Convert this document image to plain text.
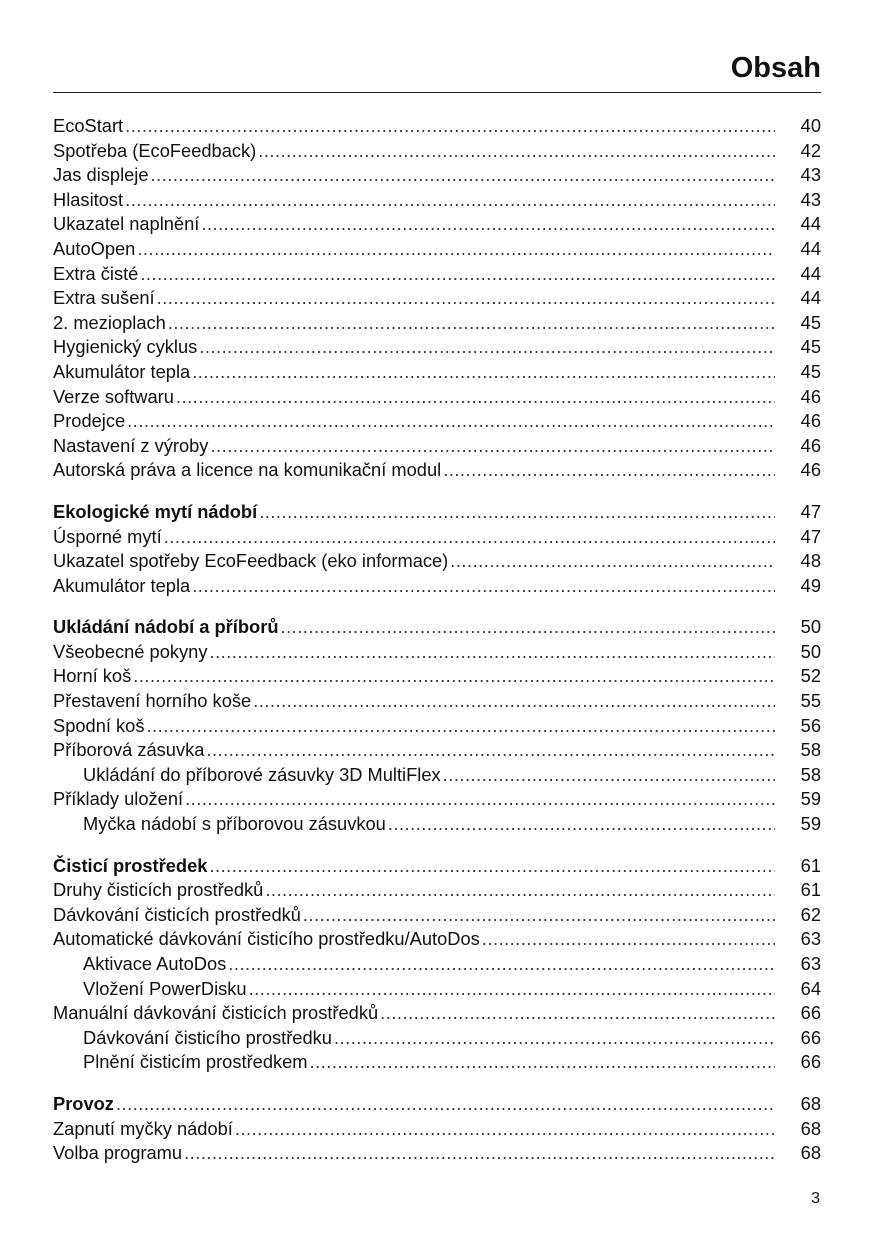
Obsah
EcoStart .....	40
Spotřeba (EcoFeedback) .....	42
Jas displeje .....	43
Hlasitost .....	43
Ukazatel naplnění .....	44
AutoOpen .....	44
Extra čisté .....	44
Extra sušení .....	44
2. mezioplach .....	45
Hygienický cyklus .....	45
Akumulátor tepla .....	45
Verze softwaru .....	46
Prodejce .....	46
Nastavení z výroby .....	46
Autorská práva a licence na komunikační modul .....	46
Ekologické mytí nádobí .....	47
Úsporné mytí .....	47
Ukazatel spotřeby EcoFeedback (eko informace) .....	48
Akumulátor tepla .....	49
Ukládání nádobí a příborů .....	50
Všeobecné pokyny .....	50
Horní koš .....	52
Přestavení horního koše .....	55
Spodní koš .....	56
Příborová zásuvka .....	58
Ukládání do příborové zásuvky 3D MultiFlex .....	58
Příklady uložení .....	59
Myčka nádobí s příborovou zásuvkou .....	59
Čisticí prostředek .....	61
Druhy čisticích prostředků .....	61
Dávkování čisticích prostředků .....	62
Automatické dávkování čisticího prostředku/AutoDos .....	63
Aktivace AutoDos .....	63
Vložení PowerDisku .....	64
Manuální dávkování čisticích prostředků .....	66
Dávkování čisticího prostředku .....	66
Plnění čisticím prostředkem .....	66
Provoz .....	68
Zapnutí myčky nádobí .....	68
Volba programu .....	68
3
